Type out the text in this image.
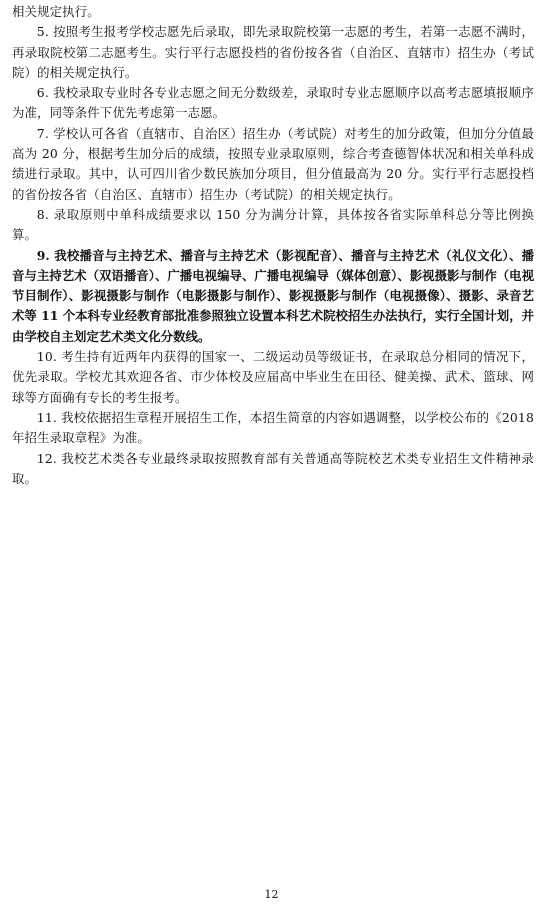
相关规定执行。

5. 按照考生报考学校志愿先后录取，即先录取院校第一志愿的考生，若第一志愿不满时，再录取院校第二志愿考生。实行平行志愿投档的省份按各省（自治区、直辖市）招生办（考试院）的相关规定执行。

6. 我校录取专业时各专业志愿之间无分数级差，录取时专业志愿顺序以高考志愿填报顺序为准，同等条件下优先考虑第一志愿。

7. 学校认可各省（直辖市、自治区）招生办（考试院）对考生的加分政策，但加分分值最高为 20 分，根据考生加分后的成绩，按照专业录取原则，综合考查德智体状况和相关单科成绩进行录取。其中，认可四川省少数民族加分项目，但分值最高为 20 分。实行平行志愿投档的省份按各省（自治区、直辖市）招生办（考试院）的相关规定执行。

8. 录取原则中单科成绩要求以 150 分为满分计算，具体按各省实际单科总分等比例换算。

9. 我校播音与主持艺术、播音与主持艺术（影视配音）、播音与主持艺术（礼仪文化）、播音与主持艺术（双语播音）、广播电视编导、广播电视编导（媒体创意）、影视摄影与制作（电视节目制作）、影视摄影与制作（电影摄影与制作）、影视摄影与制作（电视摄像）、摄影、录音艺术等 11 个本科专业经教育部批准参照独立设置本科艺术院校招生办法执行，实行全国计划，并由学校自主划定艺术类文化分数线。

10. 考生持有近两年内获得的国家一、二级运动员等级证书，在录取总分相同的情况下，优先录取。学校尤其欢迎各省、市少体校及应届高中毕业生在田径、健美操、武术、篮球、网球等方面确有专长的考生报考。

11. 我校依据招生章程开展招生工作，本招生简章的内容如遇调整，以学校公布的《2018 年招生录取章程》为准。

12. 我校艺术类各专业最终录取按照教育部有关普通高等院校艺术类专业招生文件精神录取。

12
